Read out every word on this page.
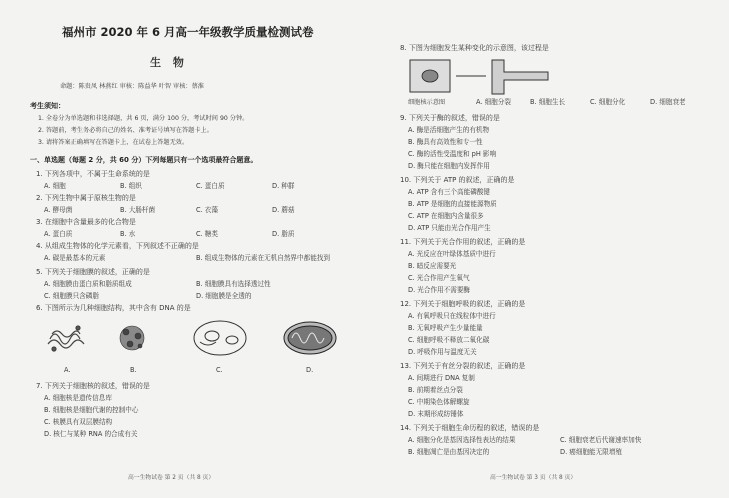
福州市 2020 年 6 月高一年级教学质量检测试卷
生 物
命题：陈贵凤 林燕红 审核：陈益华 叶智 审核：蔡淮
考生须知：
1. 全卷分为单选题和非选择题，共 6 页，满分 100 分，考试时间 90 分钟。
2. 答题前，考生务必将自己的姓名、准考证号填写在答题卡上。
3. 请将答案正确填写在答题卡上，在试卷上答题无效。
一、单选题（每题 2 分，共 60 分）下列每题只有一个选项最符合题意。
1. 下列各项中，不属于生命系统的是
A. 细胞	B. 组织	C. 蛋白质	D. 种群
2. 下列生物中属于原核生物的是
A. 酵母菌	B. 大肠杆菌	C. 衣藻	D. 蘑菇
3. 在细胞中含量最多的化合物是
A. 蛋白质	B. 水	C. 糖类	D. 脂质
4. 从组成生物体的化学元素看，下列叙述不正确的是
A. 碳是最基本的元素	B. 组成生物体的元素在无机自然界中都能找到
5. 下列关于细胞膜的叙述，正确的是
A. 细胞膜由蛋白质和脂质组成	B. 细胞膜具有选择透过性
C. 细胞膜只含磷脂	D. 细胞膜是全透的
6. 下图所示为几种细胞结构，其中含有 DNA 的是
A.	B.	C.	D.
7. 下列关于细胞核的叙述，错误的是
A. 细胞核是遗传信息库
B. 细胞核是细胞代谢的控制中心
C. 核膜具有双层膜结构
D. 核仁与某种 RNA 的合成有关
高一生物试卷 第 2 页（共 8 页）
8. 下图为细胞发生某种变化的示意图，该过程是
细胞核示意图	A. 细胞分裂	B. 细胞生长	C. 细胞分化	D. 细胞衰老
9. 下列关于酶的叙述，错误的是
A. 酶是活细胞产生的有机物
B. 酶具有高效性和专一性
C. 酶的活性受温度和 pH 影响
D. 酶只能在细胞内发挥作用
10. 下列关于 ATP 的叙述，正确的是
A. ATP 含有三个高能磷酸键
B. ATP 是细胞的直接能源物质
C. ATP 在细胞内含量很多
D. ATP 只能由光合作用产生
11. 下列关于光合作用的叙述，正确的是
A. 光反应在叶绿体基质中进行
B. 暗反应需要光
C. 光合作用产生氧气
D. 光合作用不需要酶
12. 下列关于细胞呼吸的叙述，正确的是
A. 有氧呼吸只在线粒体中进行
B. 无氧呼吸产生少量能量
C. 细胞呼吸不释放二氧化碳
D. 呼吸作用与温度无关
13. 下列关于有丝分裂的叙述，正确的是
A. 间期进行 DNA 复制
B. 前期着丝点分裂
C. 中期染色体解螺旋
D. 末期形成纺锤体
14. 下列关于细胞生命历程的叙述，错误的是
A. 细胞分化是基因选择性表达的结果
B. 细胞凋亡是由基因决定的
C. 细胞衰老后代谢速率加快
D. 癌细胞能无限增殖
高一生物试卷 第 3 页（共 8 页）
